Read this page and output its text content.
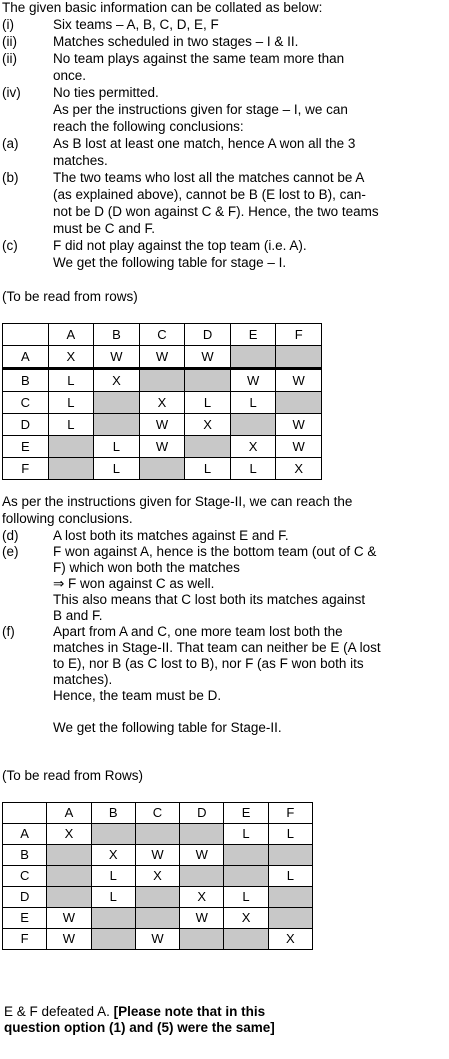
The given basic information can be collated as below:
(i)	Six teams – A, B, C, D, E, F
(ii)	Matches scheduled in two stages – I & II.
(ii)	No team plays against the same team more than
once.
(iv) No ties permitted.
As per the instructions given for stage – I, we can
reach the following conclusions:
(a)	As B lost at least one match, hence A won all the 3
matches.
(b)	The two teams who lost all the matches cannot be A
(as explained above), cannot be B (E lost to B), can-
not be D (D won against C & F). Hence, the two teams
must be C and F.
(c)	F did not play against the top team (i.e. A).
We get the following table for stage – I.
(To be read from rows)
	A	B	C	D	E	F
A	X	W	W	W		
B	L	X			W	W
C	L		X	L	L	
D	L		W	X		W
E		L	W		X	W
F		L		L	L	X
As per the instructions given for Stage-II, we can reach the
following conclusions.
(d)	A lost both its matches against E and F.
(e)	F won against A, hence is the bottom team (out of C &
F) which won both the matches
⇒ F won against C as well.
This also means that C lost both its matches against
B and F.
(f)	Apart from A and C, one more team lost both the
matches in Stage-II. That team can neither be E (A lost
to E), nor B (as C lost to B), nor F (as F won both its
matches).
Hence, the team must be D.
We get the following table for Stage-II.
(To be read from Rows)
	A	B	C	D	E	F
A	X				L	L
B		X	W	W		
C		L	X			L
D		L		X	L	
E	W			W	X	
F	W		W			X
E & F defeated A. [Please note that in this
question option (1) and (5) were the same]
